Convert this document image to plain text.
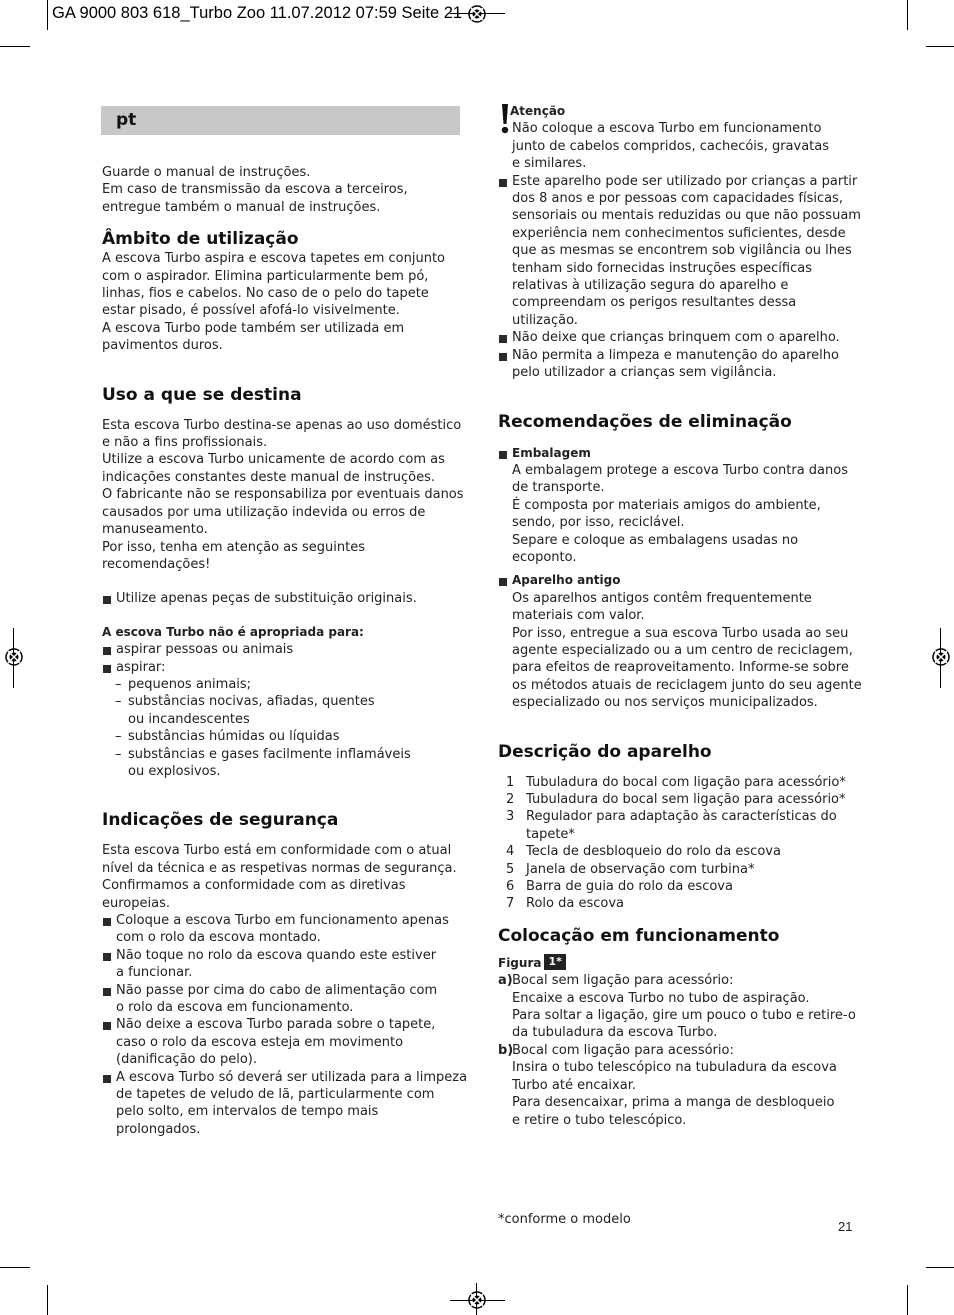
GA 9000 803 618_Turbo Zoo 11.07.2012 07:59 Seite 21
pt

Guarde o manual de instruções.

Em caso de transmissão da escova a terceiros,

entregue também o manual de instruções.

Âmbito de utilização

A escova Turbo aspira e escova tapetes em conjunto

com o aspirador. Elimina particularmente bem pó,

linhas, fios e cabelos. No caso de o pelo do tapete

estar pisado, é possível afofá-lo visivelmente.

A escova Turbo pode também ser utilizada em

pavimentos duros.

Uso a que se destina

Esta escova Turbo destina-se apenas ao uso doméstico

e não a fins profissionais.

Utilize a escova Turbo unicamente de acordo com as

indicações constantes deste manual de instruções.

O fabricante não se responsabiliza por eventuais danos

causados por uma utilização indevida ou erros de

manuseamento.

Por isso, tenha em atenção as seguintes recomendações!

Utilize apenas peças de substituição originais.

A escova Turbo não é apropriada para:

aspirar pessoas ou animais
aspirar:
– pequenos animais;
– substâncias nocivas, afiadas, quentes
ou incandescentes
– substâncias húmidas ou líquidas
– substâncias e gases facilmente inflamáveis
ou explosivos.

Indicações de segurança

Esta escova Turbo está em conformidade com o atual

nível da técnica e as respetivas normas de segurança.

Confirmamos a conformidade com as diretivas

europeias.

Coloque a escova Turbo em funcionamento apenas
com o rolo da escova montado.
Não toque no rolo da escova quando este estiver
a funcionar.
Não passe por cima do cabo de alimentação com
o rolo da escova em funcionamento.
Não deixe a escova Turbo parada sobre o tapete,
caso o rolo da escova esteja em movimento
(danificação do pelo).
A escova Turbo só deverá ser utilizada para a limpeza
de tapetes de veludo de lã, particularmente com
pelo solto, em intervalos de tempo mais
prolongados.

Atenção

Não coloque a escova Turbo em funcionamento
junto de cabelos compridos, cachecóis, gravatas
e similares.
Este aparelho pode ser utilizado por crianças a partir
dos 8 anos e por pessoas com capacidades físicas,
sensoriais ou mentais reduzidas ou que não possuam
experiência nem conhecimentos suficientes, desde
que as mesmas se encontrem sob vigilância ou lhes
tenham sido fornecidas instruções específicas
relativas à utilização segura do aparelho e
compreendam os perigos resultantes dessa
utilização.
Não deixe que crianças brinquem com o aparelho.
Não permita a limpeza e manutenção do aparelho
pelo utilizador a crianças sem vigilância.

Recomendações de eliminação

Embalagem
A embalagem protege a escova Turbo contra danos
de transporte.
É composta por materiais amigos do ambiente,
sendo, por isso, reciclável.
Separe e coloque as embalagens usadas no ecoponto.
Aparelho antigo
Os aparelhos antigos contêm frequentemente
materiais com valor.
Por isso, entregue a sua escova Turbo usada ao seu
agente especializado ou a um centro de reciclagem,
para efeitos de reaproveitamento. Informe-se sobre
os métodos atuais de reciclagem junto do seu agente
especializado ou nos serviços municipalizados.

Descrição do aparelho

1 Tubuladura do bocal com ligação para acessório*
2 Tubuladura do bocal sem ligação para acessório*
3 Regulador para adaptação às características do
tapete*
4 Tecla de desbloqueio do rolo da escova
5 Janela de observação com turbina*
6 Barra de guia do rolo da escova
7 Rolo da escova

Colocação em funcionamento

Figura 1*

a) Bocal sem ligação para acessório:
Encaixe a escova Turbo no tubo de aspiração.
Para soltar a ligação, gire um pouco o tubo e retire-o
da tubuladura da escova Turbo.
b)
Bocal com ligação para acessório:
Insira o tubo telescópico na tubuladura da escova
Turbo até encaixar.
Para desencaixar, prima a manga de desbloqueio
e retire o tubo telescópico.
*conforme o modelo	21
